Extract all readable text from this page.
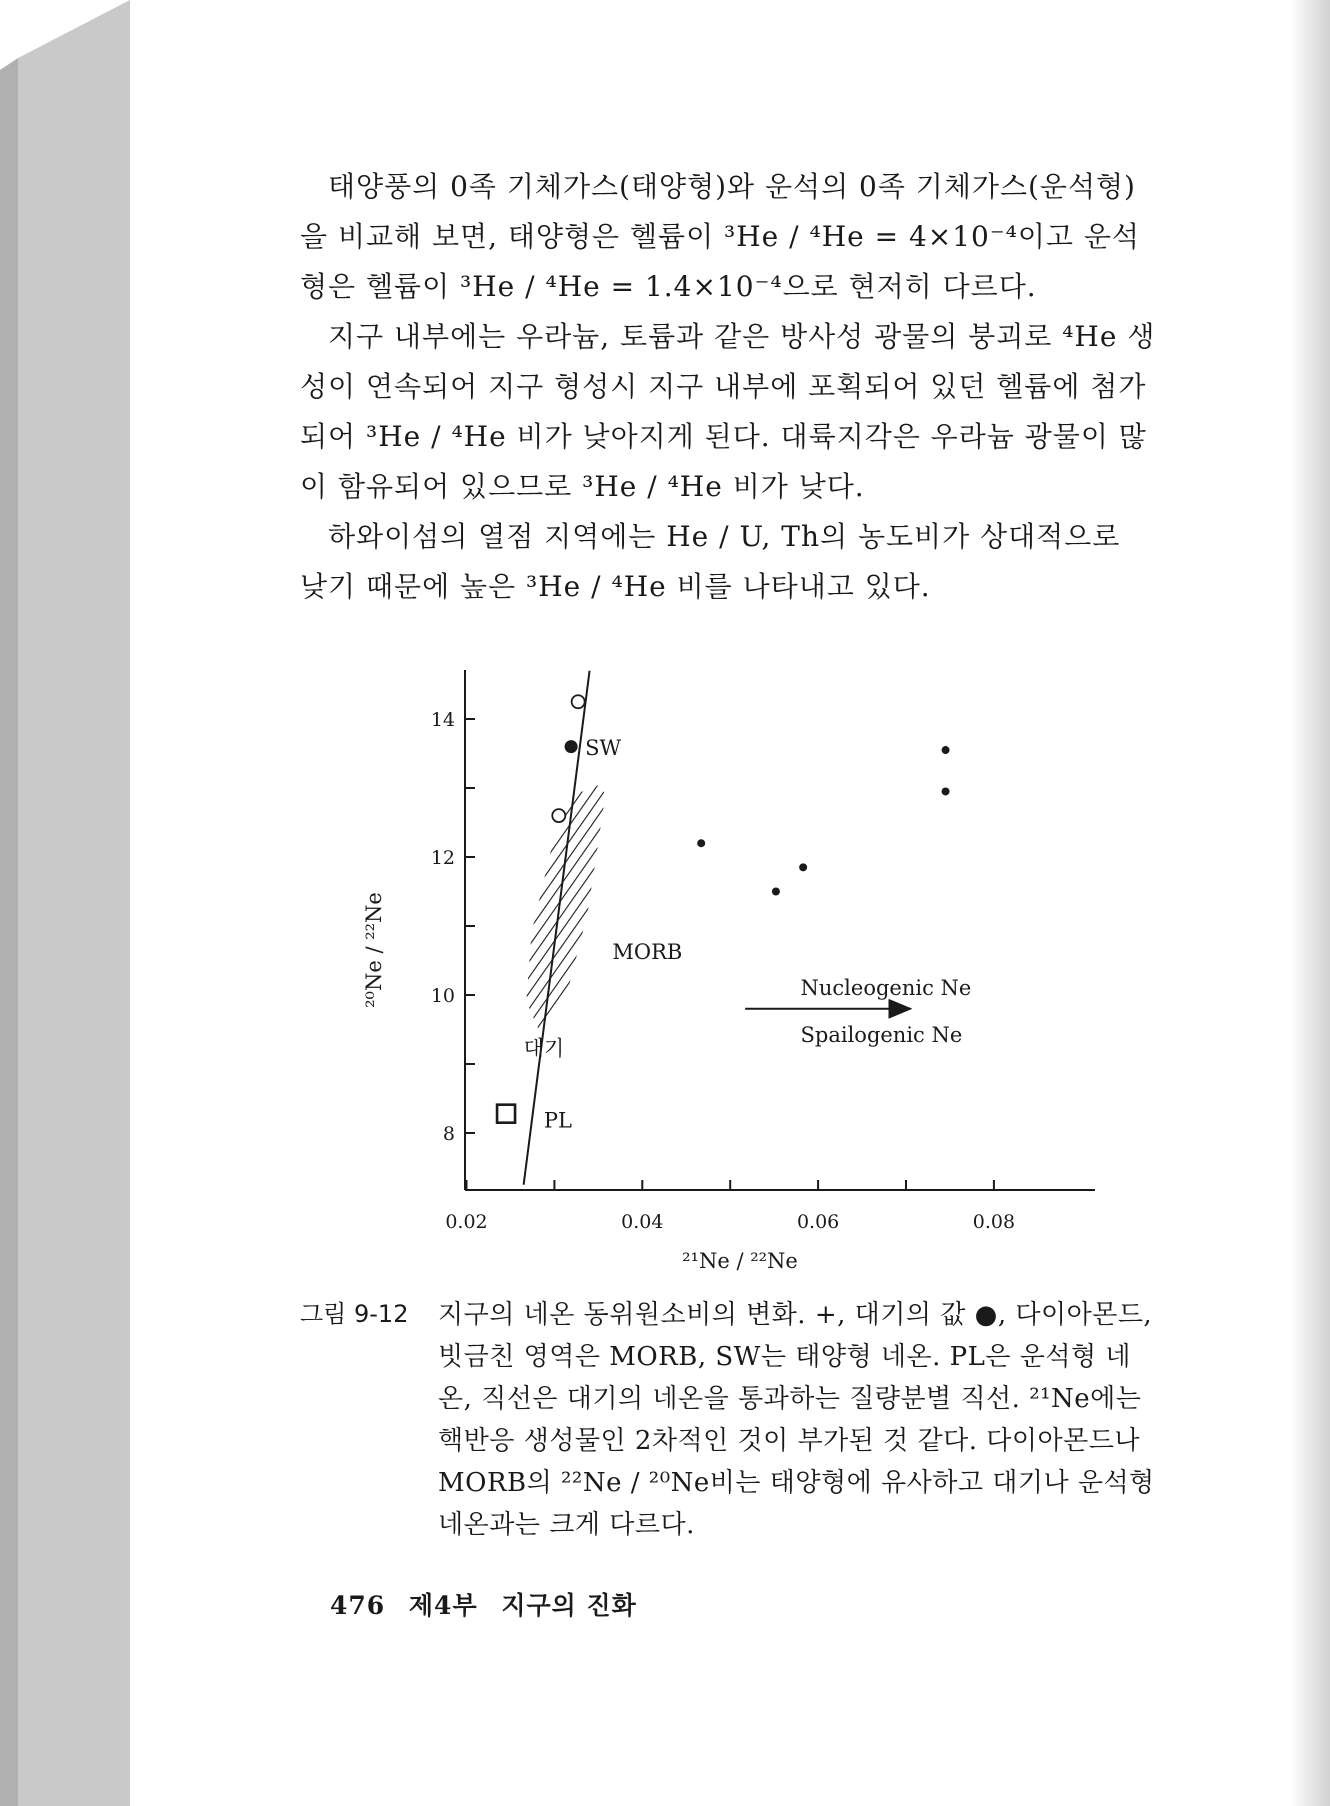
태양풍의 0족 기체가스(태양형)와 운석의 0족 기체가스(운석형)을 비교해 보면, 태양형은 헬륨이 ³He / ⁴He = 4×10⁻⁴이고 운석형은 헬륨이 ³He / ⁴He = 1.4×10⁻⁴으로 현저히 다르다.

지구 내부에는 우라늄, 토륨과 같은 방사성 광물의 붕괴로 ⁴He 생성이 연속되어 지구 형성시 지구 내부에 포획되어 있던 헬륨에 첨가되어 ³He / ⁴He 비가 낮아지게 된다. 대륙지각은 우라늄 광물이 많이 함유되어 있으므로 ³He / ⁴He 비가 낮다.

하와이섬의 열점 지역에는 He / U, Th의 농도비가 상대적으로 낮기 때문에 높은 ³He / ⁴He 비를 나타내고 있다.

0.02	0.04	0.06	0.08
8
10
12
14
²¹Ne / ²²Ne
²⁰Ne / ²²Ne
SW
MORB
대기
PL
Nucleogenic Ne
Spailogenic Ne
그림 9-12 지구의 네온 동위원소비의 변화. +, 대기의 값 ●, 다이아몬드, 빗금친 영역은 MORB, SW는 태양형 네온. PL은 운석형 네온, 직선은 대기의 네온을 통과하는 질량분별 직선. ²¹Ne에는 핵반응 생성물인 2차적인 것이 부가된 것 같다. 다이아몬드나 MORB의 ²²Ne / ²⁰Ne비는 태양형에 유사하고 대기나 운석형 네온과는 크게 다르다.

476 제4부 지구의 진화
